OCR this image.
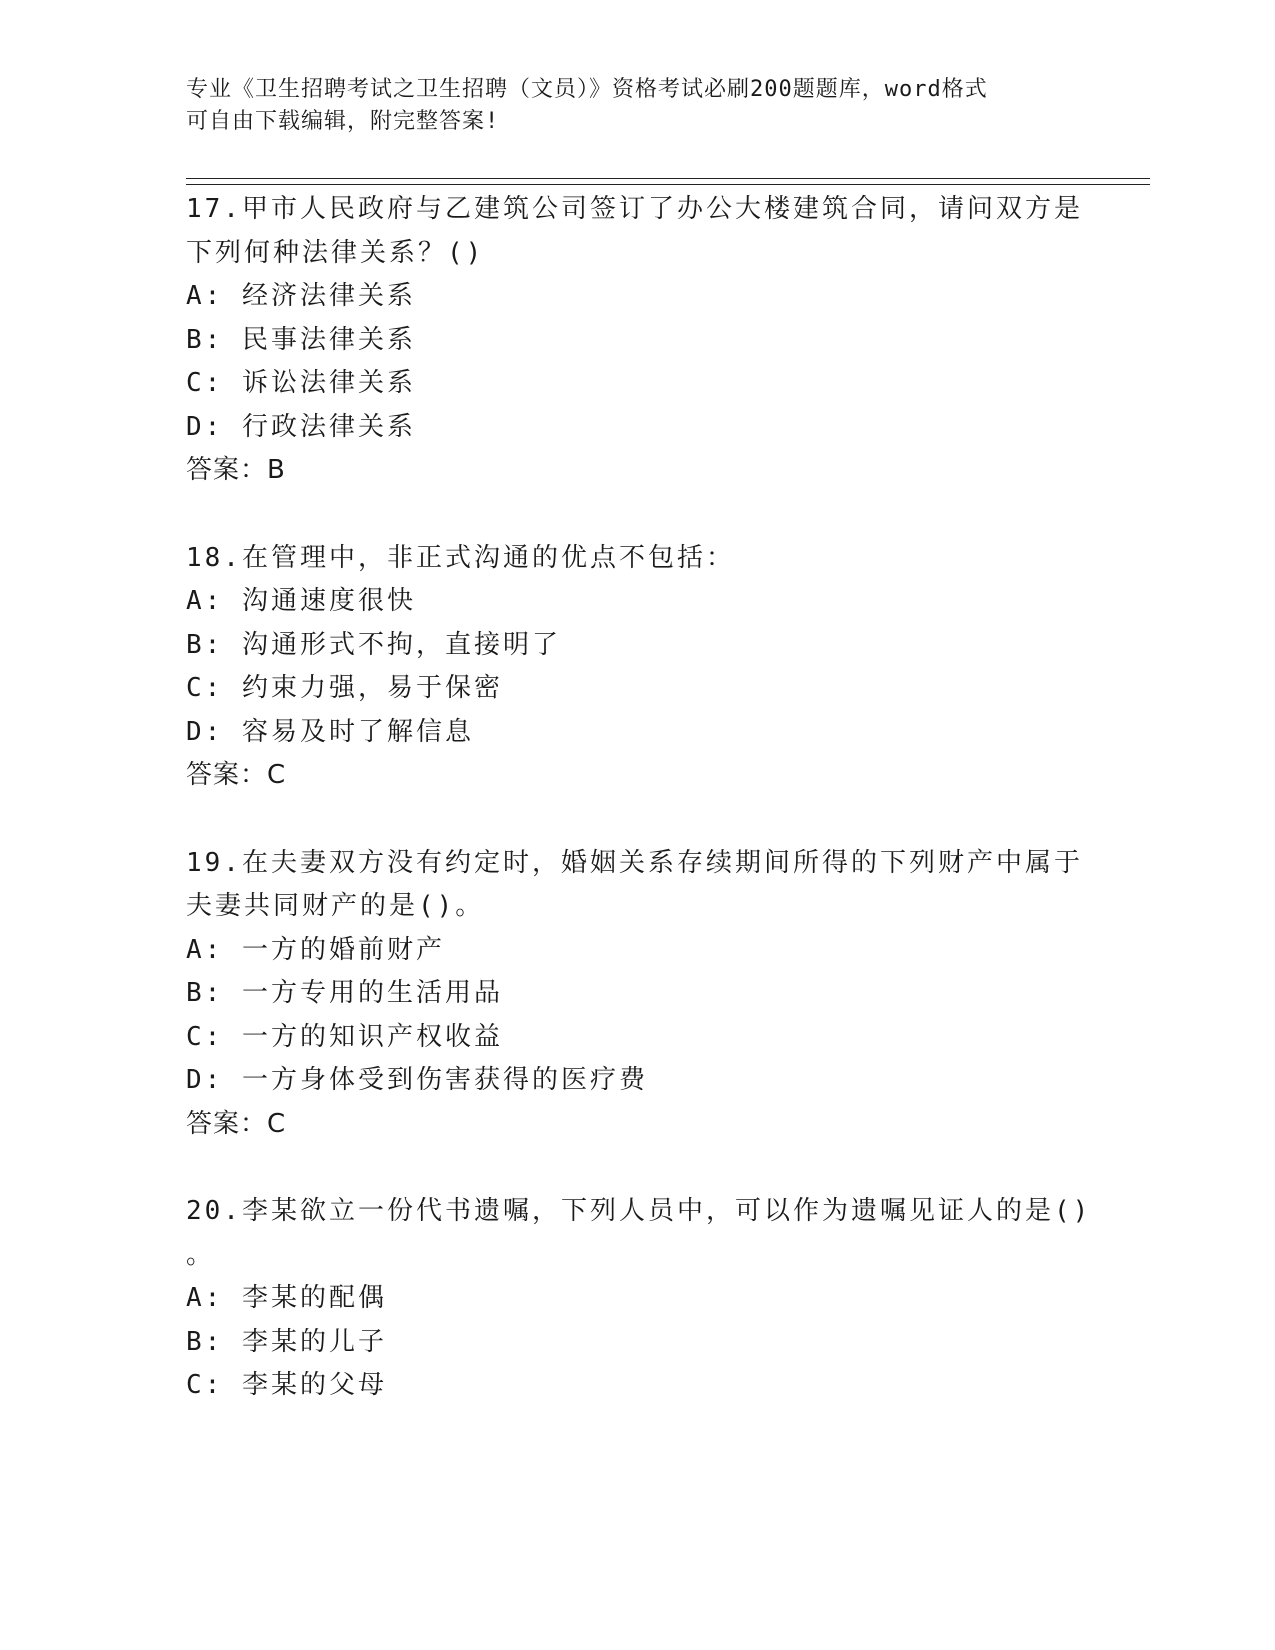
专业《卫生招聘考试之卫生招聘（文员）》资格考试必刷200题题库，word格式
可自由下载编辑，附完整答案!
17.甲市人民政府与乙建筑公司签订了办公大楼建筑合同，请问双方是
下列何种法律关系？()
A: 经济法律关系
B: 民事法律关系
C: 诉讼法律关系
D: 行政法律关系
答案：B
18.在管理中，非正式沟通的优点不包括：
A: 沟通速度很快
B: 沟通形式不拘，直接明了
C: 约束力强，易于保密
D: 容易及时了解信息
答案：C
19.在夫妻双方没有约定时，婚姻关系存续期间所得的下列财产中属于
夫妻共同财产的是()。
A: 一方的婚前财产
B: 一方专用的生活用品
C: 一方的知识产权收益
D: 一方身体受到伤害获得的医疗费
答案：C
20.李某欲立一份代书遗嘱，下列人员中，可以作为遗嘱见证人的是()
。
A: 李某的配偶
B: 李某的儿子
C: 李某的父母
